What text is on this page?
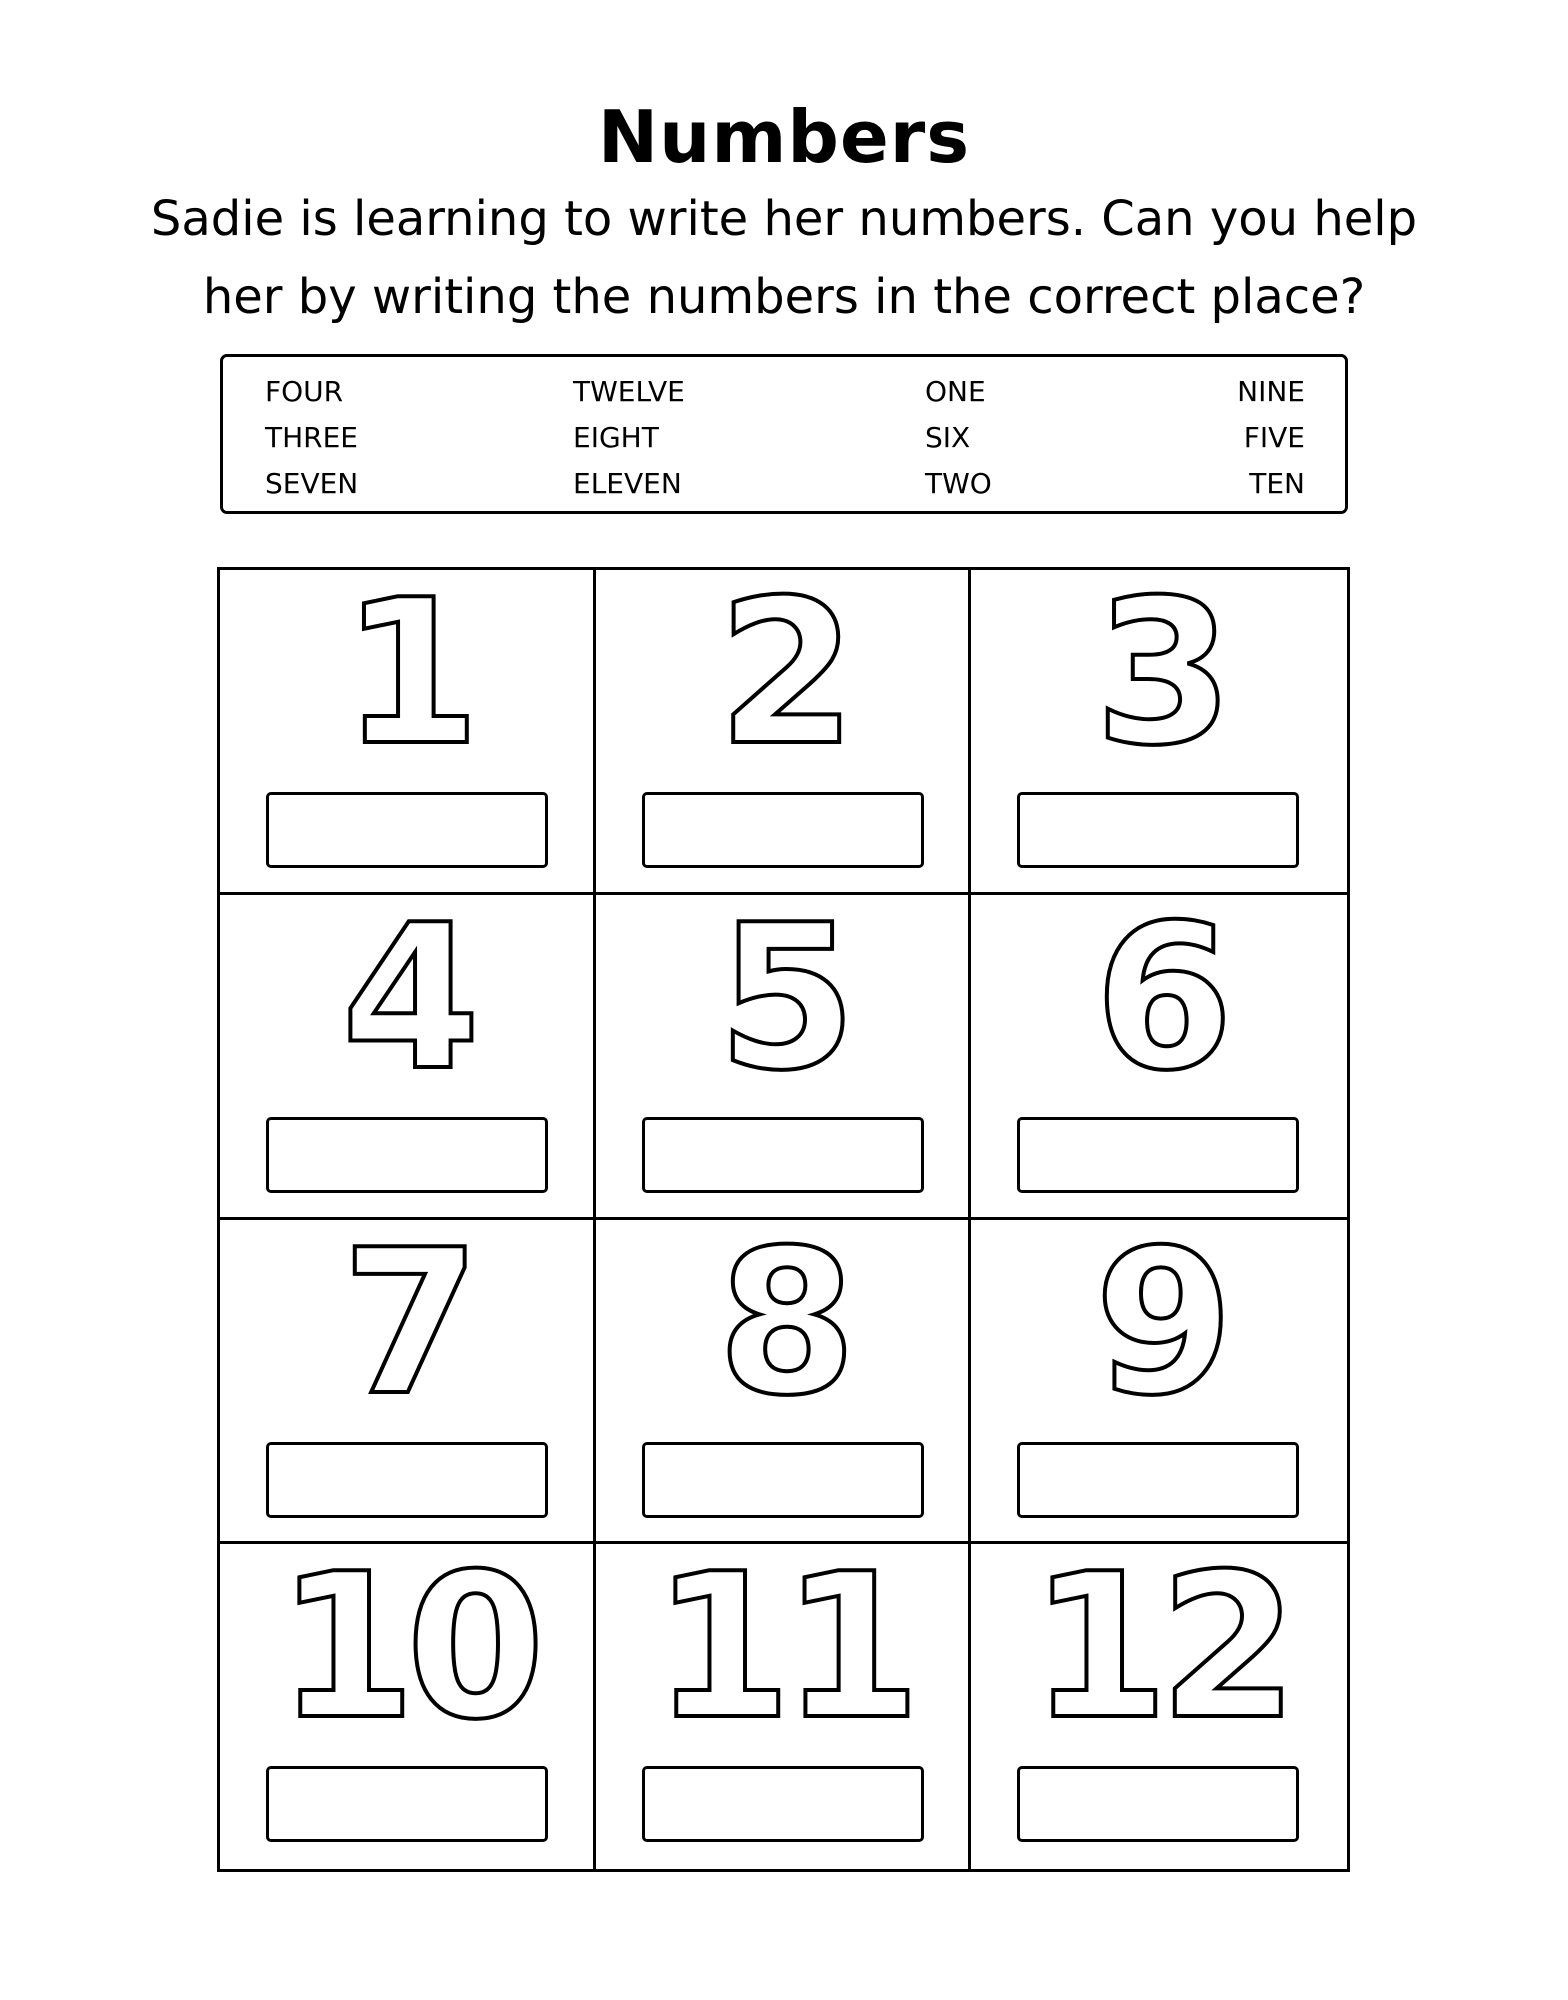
Numbers
Sadie is learning to write her numbers. Can you help her by writing the numbers in the correct place?
FOUR	TWELVE	ONE	NINE
THREE	EIGHT	SIX	FIVE
SEVEN	ELEVEN	TWO	TEN
1 2 3
4 5 6
7 8 9
10 11 12
